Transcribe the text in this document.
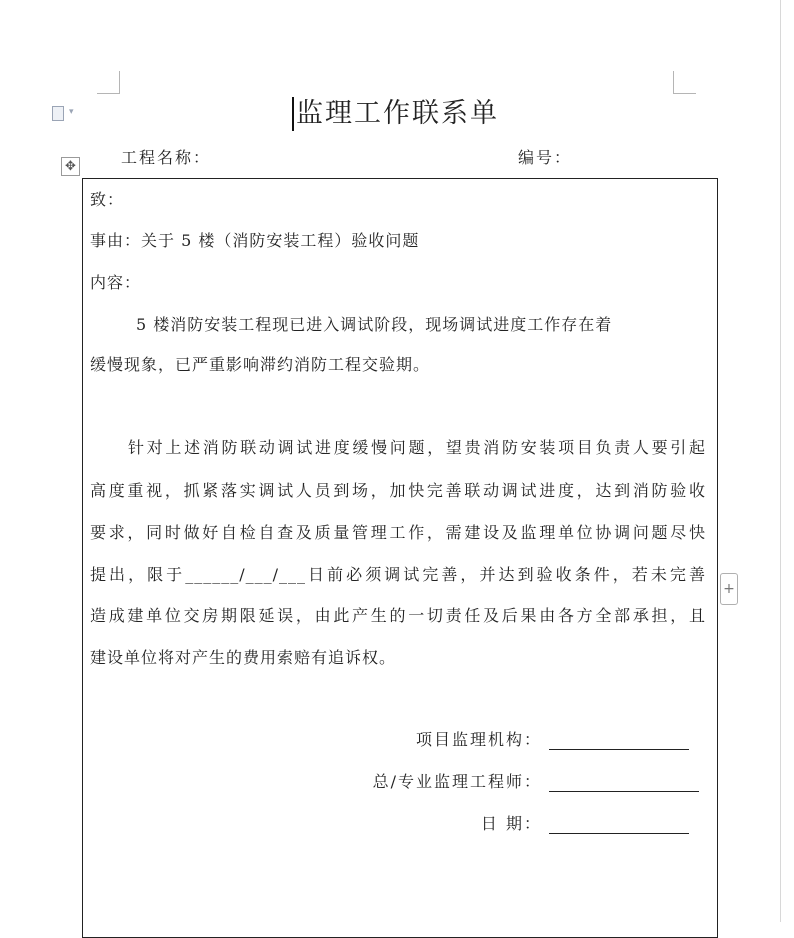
▾	监理工作联系单
工程名称：	编号：
✥
致：
事由：关于 5 楼（消防安装工程）验收问题
内容：
5 楼消防安装工程现已进入调试阶段，现场调试进度工作存在着
缓慢现象，已严重影响滞约消防工程交验期。
针对上述消防联动调试进度缓慢问题，望贵消防安装项目负责人要引起
高度重视，抓紧落实调试人员到场，加快完善联动调试进度，达到消防验收
要求，同时做好自检自查及质量管理工作，需建设及监理单位协调问题尽快
提出，限于______/___/___日前必须调试完善，并达到验收条件，若未完善
造成建单位交房期限延误，由此产生的一切责任及后果由各方全部承担，且
建设单位将对产生的费用索赔有追诉权。
+
项目监理机构：
总/专业监理工程师：
日 期：
